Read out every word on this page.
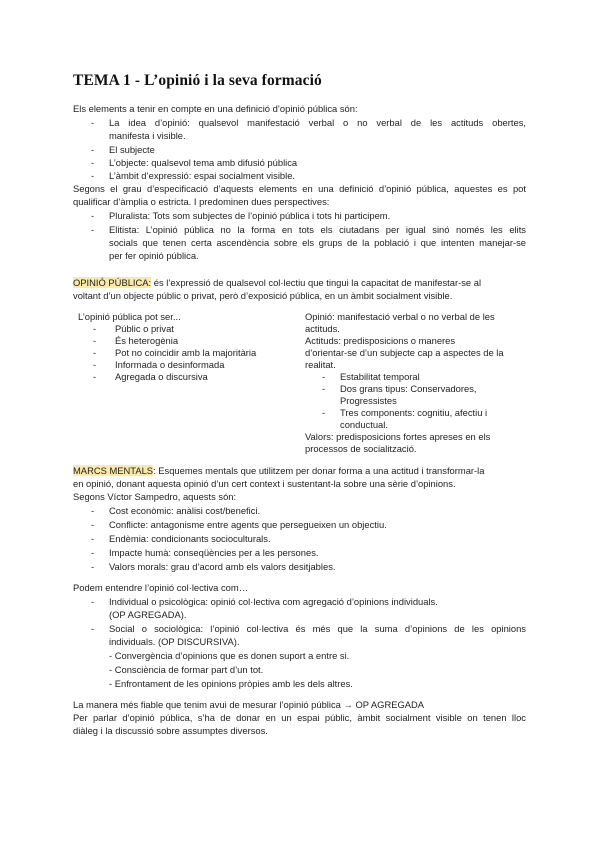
TEMA 1 - L’opinió i la seva formació
Els elements a tenir en compte en una definició d’opinió pública són:
- La idea d’opinió: qualsevol manifestació verbal o no verbal de les actituds obertes,
manifesta i visible.
- El subjecte
- L’objecte: qualsevol tema amb difusió pública
- L’àmbit d’expressió: espai socialment visible.
Segons el grau d’especificació d’aquests elements en una definició d’opinió pública, aquestes es pot
qualificar d’àmplia o estricta. I predominen dues perspectives:
- Pluralista: Tots som subjectes de l’opinió pública i tots hi participem.
- Elitista: L’opinió pública no la forma en tots els ciutadans per igual sinó només les elits
socials que tenen certa ascendència sobre els grups de la població i que intenten manejar-se
per fer opinió pública.
OPINIÓ PÚBLICA: és l’expressió de qualsevol col·lectiu que tingui la capacitat de manifestar-se al
voltant d’un objecte públic o privat, però d’exposició pública, en un àmbit socialment visible.
L’opinió pública pot ser...
- Públic o privat
- És heterogènia
- Pot no coincidir amb la majoritària
- Informada o desinformada
- Agregada o discursiva
Opinió: manifestació verbal o no verbal de les
actituds.
Actituds: predisposicions o maneres
d’orientar-se d’un subjecte cap a aspectes de la
realitat.
- Estabilitat temporal
- Dos grans tipus: Conservadores,
Progressistes
- Tres components: cognitiu, afectiu i
conductual.
Valors: predisposicions fortes apreses en els
processos de socialització.
MARCS MENTALS: Esquemes mentals que utilitzem per donar forma a una actitud i transformar-la
en opinió, donant aquesta opinió d’un cert context i sustentant-la sobre una sèrie d’opinions.
Segons Víctor Sampedro, aquests són:
- Cost econòmic: anàlisi cost/benefici.
- Conflicte: antagonisme entre agents que persegueixen un objectiu.
- Endèmia: condicionants socioculturals.
- Impacte humà: conseqüències per a les persones.
- Valors morals: grau d’acord amb els valors desitjables.
Podem entendre l’opinió col·lectiva com…
- Individual o psicològica: opinió col·lectiva com agregació d’opinions individuals.
(OP AGREGADA).
- Social o sociològica: l’opinió col·lectiva és més que la suma d’opinions de les opinions
individuals. (OP DISCURSIVA).
- Convergència d’opinions que es donen suport a entre si.
- Consciència de formar part d’un tot.
- Enfrontament de les opinions pròpies amb les dels altres.
La manera més fiable que tenim avui de mesurar l’opinió pública → OP AGREGADA
Per parlar d’opinió pública, s’ha de donar en un espai públic, àmbit socialment visible on tenen lloc
diàleg i la discussió sobre assumptes diversos.
